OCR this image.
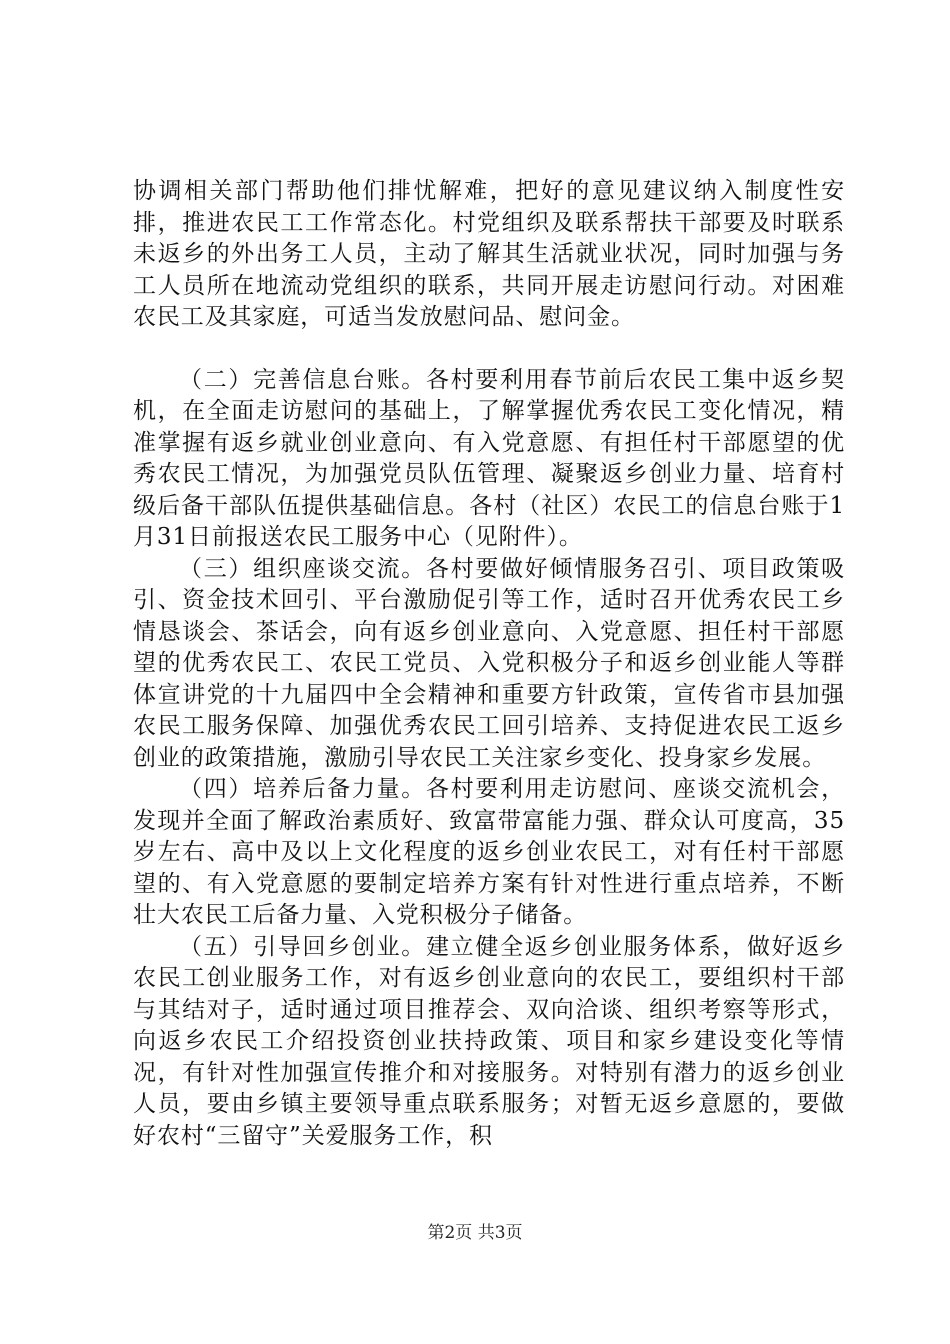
协调相关部门帮助他们排忧解难，把好的意见建议纳入制度性安排，推进农民工工作常态化。村党组织及联系帮扶干部要及时联系未返乡的外出务工人员，主动了解其生活就业状况，同时加强与务工人员所在地流动党组织的联系，共同开展走访慰问行动。对困难农民工及其家庭，可适当发放慰问品、慰问金。

（二）完善信息台账。各村要利用春节前后农民工集中返乡契机，在全面走访慰问的基础上，了解掌握优秀农民工变化情况，精准掌握有返乡就业创业意向、有入党意愿、有担任村干部愿望的优秀农民工情况，为加强党员队伍管理、凝聚返乡创业力量、培育村级后备干部队伍提供基础信息。各村（社区）农民工的信息台账于1月31日前报送农民工服务中心（见附件）。

（三）组织座谈交流。各村要做好倾情服务召引、项目政策吸引、资金技术回引、平台激励促引等工作，适时召开优秀农民工乡情恳谈会、茶话会，向有返乡创业意向、入党意愿、担任村干部愿望的优秀农民工、农民工党员、入党积极分子和返乡创业能人等群体宣讲党的十九届四中全会精神和重要方针政策，宣传省市县加强农民工服务保障、加强优秀农民工回引培养、支持促进农民工返乡创业的政策措施，激励引导农民工关注家乡变化、投身家乡发展。

（四）培养后备力量。各村要利用走访慰问、座谈交流机会，发现并全面了解政治素质好、致富带富能力强、群众认可度高，35岁左右、高中及以上文化程度的返乡创业农民工，对有任村干部愿望的、有入党意愿的要制定培养方案有针对性进行重点培养，不断壮大农民工后备力量、入党积极分子储备。

（五）引导回乡创业。建立健全返乡创业服务体系，做好返乡农民工创业服务工作，对有返乡创业意向的农民工，要组织村干部与其结对子，适时通过项目推荐会、双向洽谈、组织考察等形式，向返乡农民工介绍投资创业扶持政策、项目和家乡建设变化等情况，有针对性加强宣传推介和对接服务。对特别有潜力的返乡创业人员，要由乡镇主要领导重点联系服务；对暂无返乡意愿的，要做好农村“三留守”关爱服务工作，积

第2页 共3页
